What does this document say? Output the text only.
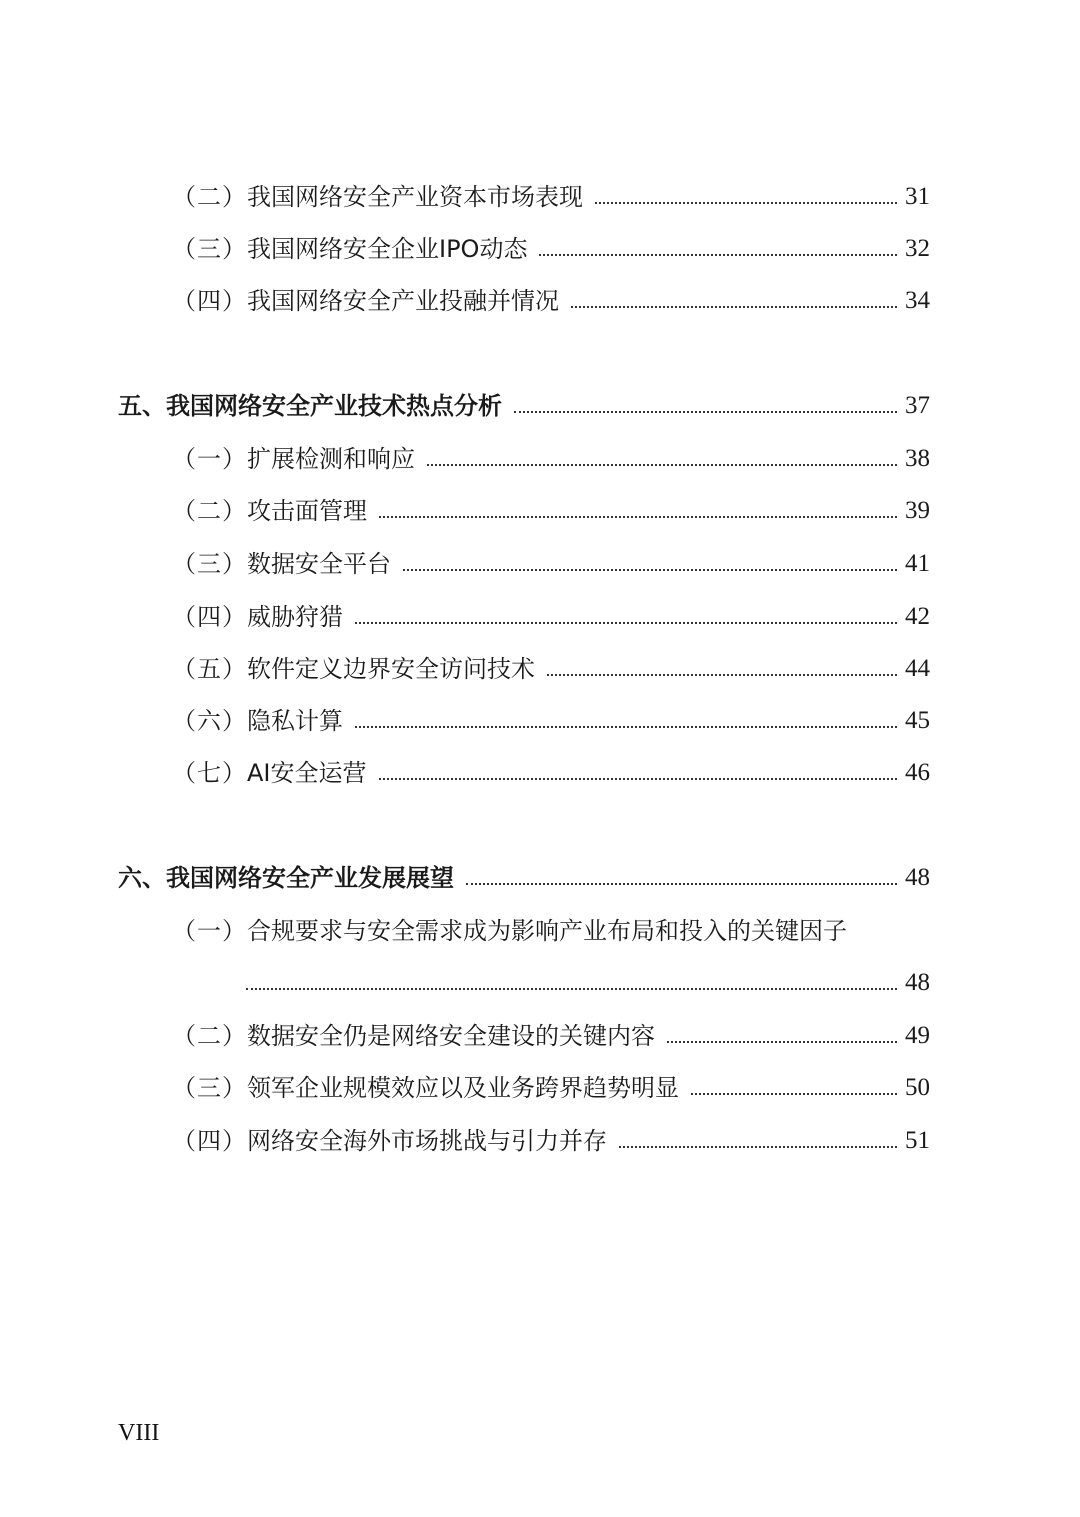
（二）我国网络安全产业资本市场表现	31
（三）我国网络安全企业IPO动态	32
（四）我国网络安全产业投融并情况	34
五、我国网络安全产业技术热点分析	37
（一）扩展检测和响应	38
（二）攻击面管理	39
（三）数据安全平台	41
（四）威胁狩猎	42
（五）软件定义边界安全访问技术	44
（六）隐私计算	45
（七）AI安全运营	46
六、我国网络安全产业发展展望	48
（一）合规要求与安全需求成为影响产业布局和投入的关键因子
48
（二）数据安全仍是网络安全建设的关键内容	49
（三）领军企业规模效应以及业务跨界趋势明显	50
（四）网络安全海外市场挑战与引力并存	51
VIII
